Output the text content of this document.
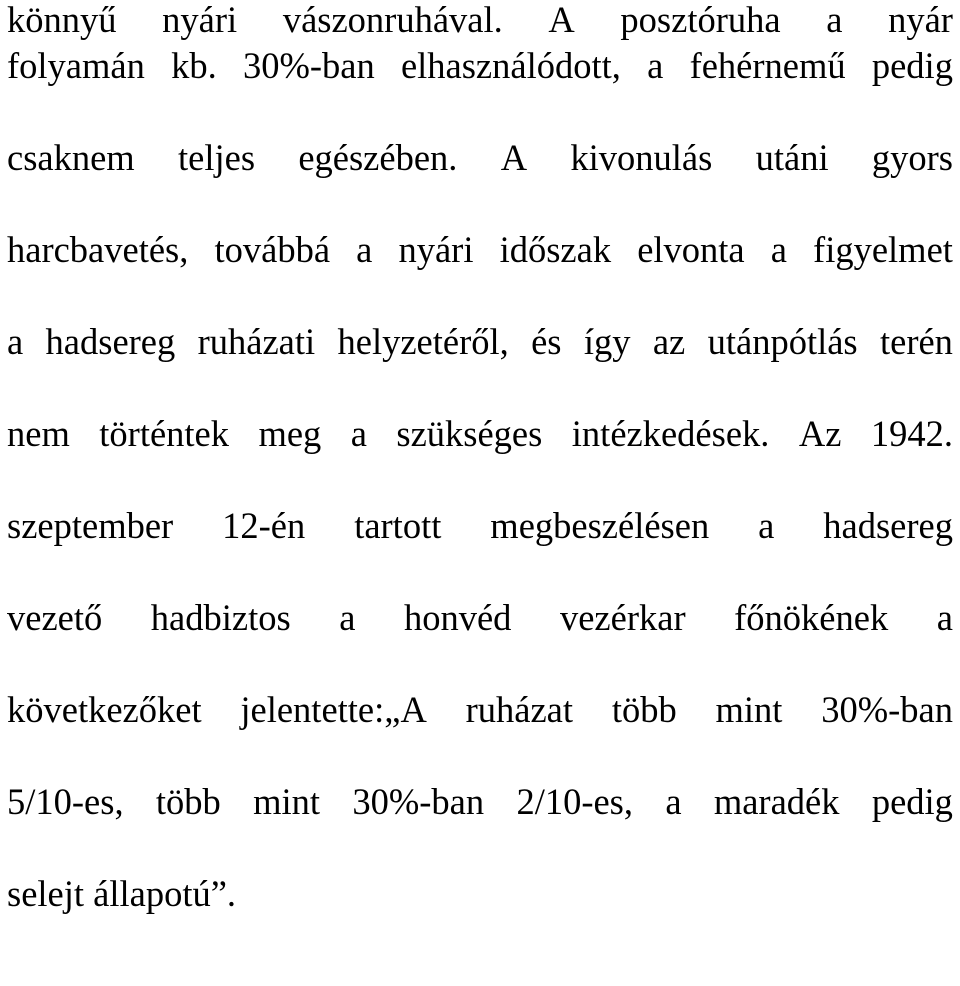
könnyű nyári vászonruhával. A posztóruha a nyár
folyamán kb. 30%-ban elhasználódott, a fehérnemű pedig
csaknem teljes egészében. A kivonulás utáni gyors
harcbavetés, továbbá a nyári időszak elvonta a figyelmet
a hadsereg ruházati helyzetéről, és így az utánpótlás terén
nem történtek meg a szükséges intézkedések. Az 1942.
szeptember 12-én tartott megbeszélésen a hadsereg
vezető hadbiztos a honvéd vezérkar főnökének a
következőket jelentette:„A ruházat több mint 30%-ban
5/10-es, több mint 30%-ban 2/10-es, a maradék pedig
selejt állapotú”.
